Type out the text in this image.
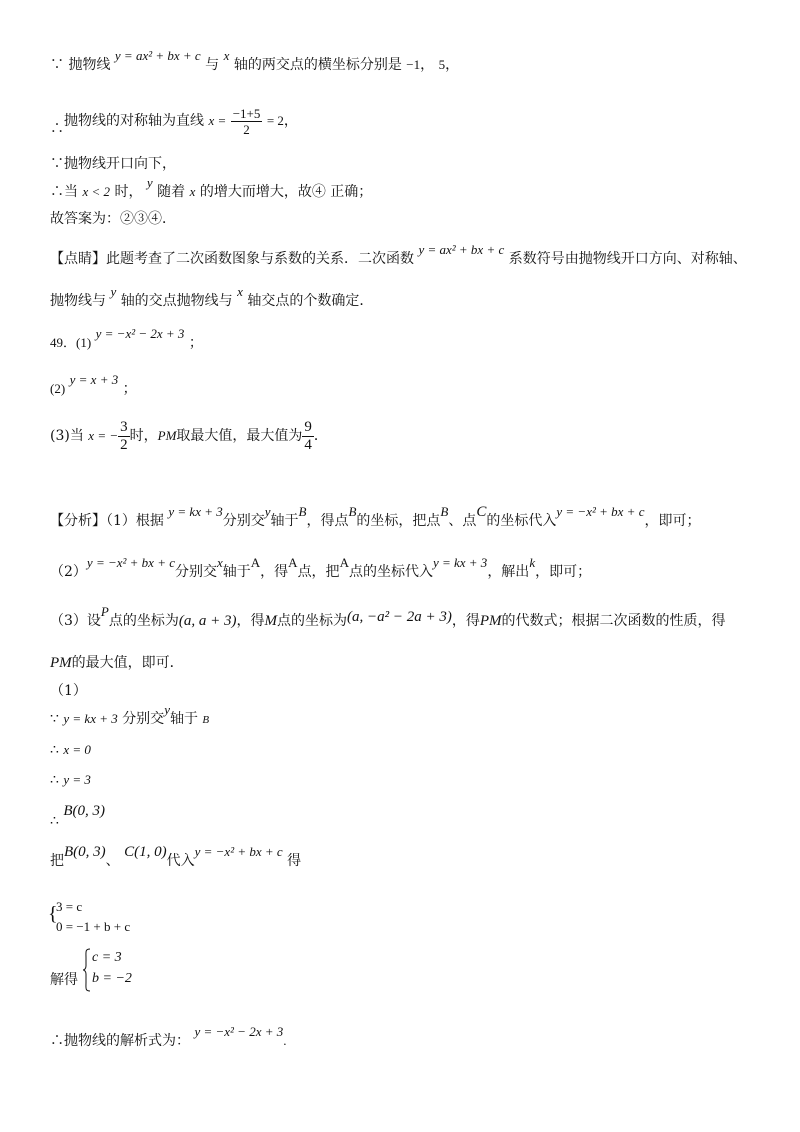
∵ 抛物线 y = ax² + bx + c 与 x 轴的两交点的横坐标分别是 −1， 5，
∴抛物线的对称轴为直线 $x = \frac{-1+5}{2} = 2$，
∵抛物线开口向下，
∴当 x < 2 时， y 随着 x 的增大而增大，故④ 正确；
故答案为：②③④．
【点睛】此题考查了二次函数图象与系数的关系．二次函数 y = ax² + bx + c 系数符号由抛物线开口方向、对称轴、
抛物线与 y 轴的交点抛物线与 x 轴交点的个数确定．
49．(1) y = −x² − 2x + 3 ；
(2) y = x + 3 ；
(3)当 x = − $\frac{3}{2}$ 时，PM取最大值，最大值为 $\frac{9}{4}$ ．
【分析】（1）根据 y = kx + 3分别交y轴于B，得点B的坐标，把点B、点C的坐标代入y = −x² + bx + c，即可；
（2）y = −x² + bx + c分别交x轴于A，得A点，把A点的坐标代入y = kx + 3，解出k，即可；
（3）设P点的坐标为(a, a + 3)，得M点的坐标为(a, −a² − 2a + 3)，得PM的代数式；根据二次函数的性质，得
PM的最大值，即可．
（1）
∵ y = kx + 3 分别交y轴于 B
∴ x = 0
∴ y = 3
∴ B(0, 3)
把B(0, 3)、 C(1, 0)代入y = −x² + bx + c 得
{
3 = c
0 = −1 + b + c
解得
c = 3
b = −2
∴抛物线的解析式为： y = −x² − 2x + 3.
